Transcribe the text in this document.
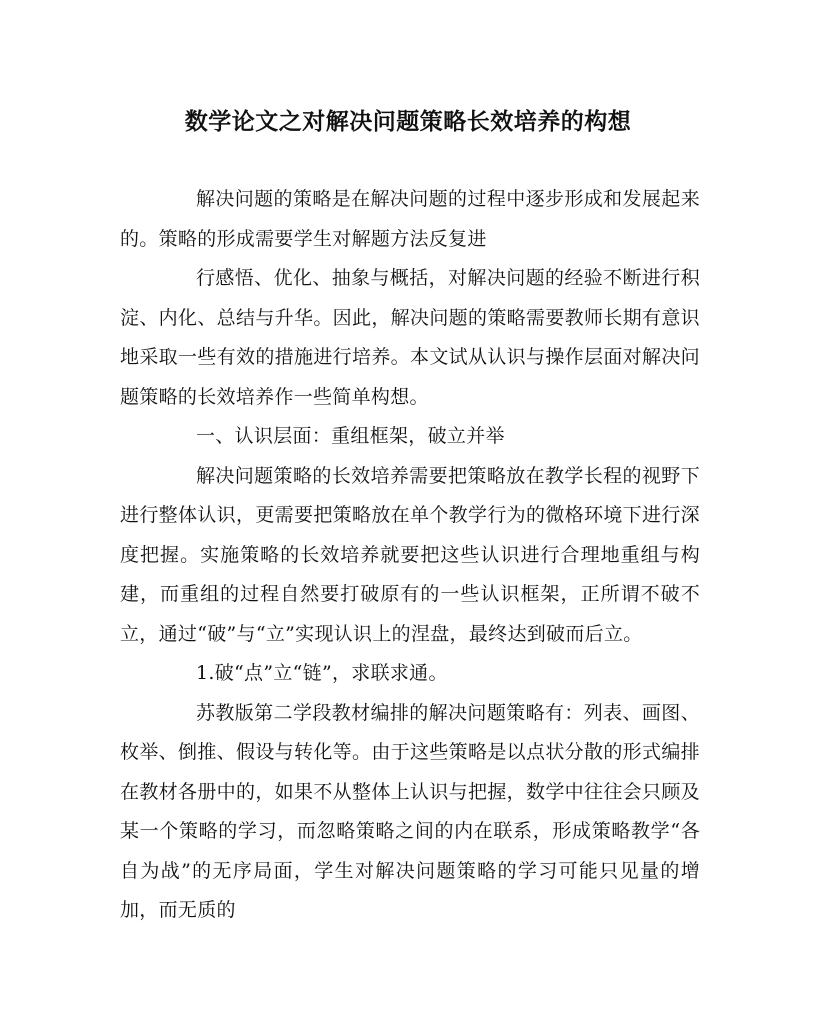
数学论文之对解决问题策略长效培养的构想

解决问题的策略是在解决问题的过程中逐步形成和发展起来的。策略的形成需要学生对解题方法反复进

行感悟、优化、抽象与概括，对解决问题的经验不断进行积淀、内化、总结与升华。因此，解决问题的策略需要教师长期有意识地采取一些有效的措施进行培养。本文试从认识与操作层面对解决问题策略的长效培养作一些简单构想。

一、认识层面：重组框架，破立并举

解决问题策略的长效培养需要把策略放在教学长程的视野下进行整体认识，更需要把策略放在单个教学行为的微格环境下进行深度把握。实施策略的长效培养就要把这些认识进行合理地重组与构建，而重组的过程自然要打破原有的一些认识框架，正所谓不破不立，通过“破”与“立”实现认识上的涅盘，最终达到破而后立。

1.破“点”立“链”，求联求通。

苏教版第二学段教材编排的解决问题策略有：列表、画图、枚举、倒推、假设与转化等。由于这些策略是以点状分散的形式编排在教材各册中的，如果不从整体上认识与把握，数学中往往会只顾及某一个策略的学习，而忽略策略之间的内在联系，形成策略教学“各自为战”的无序局面，学生对解决问题策略的学习可能只见量的增加，而无质的
